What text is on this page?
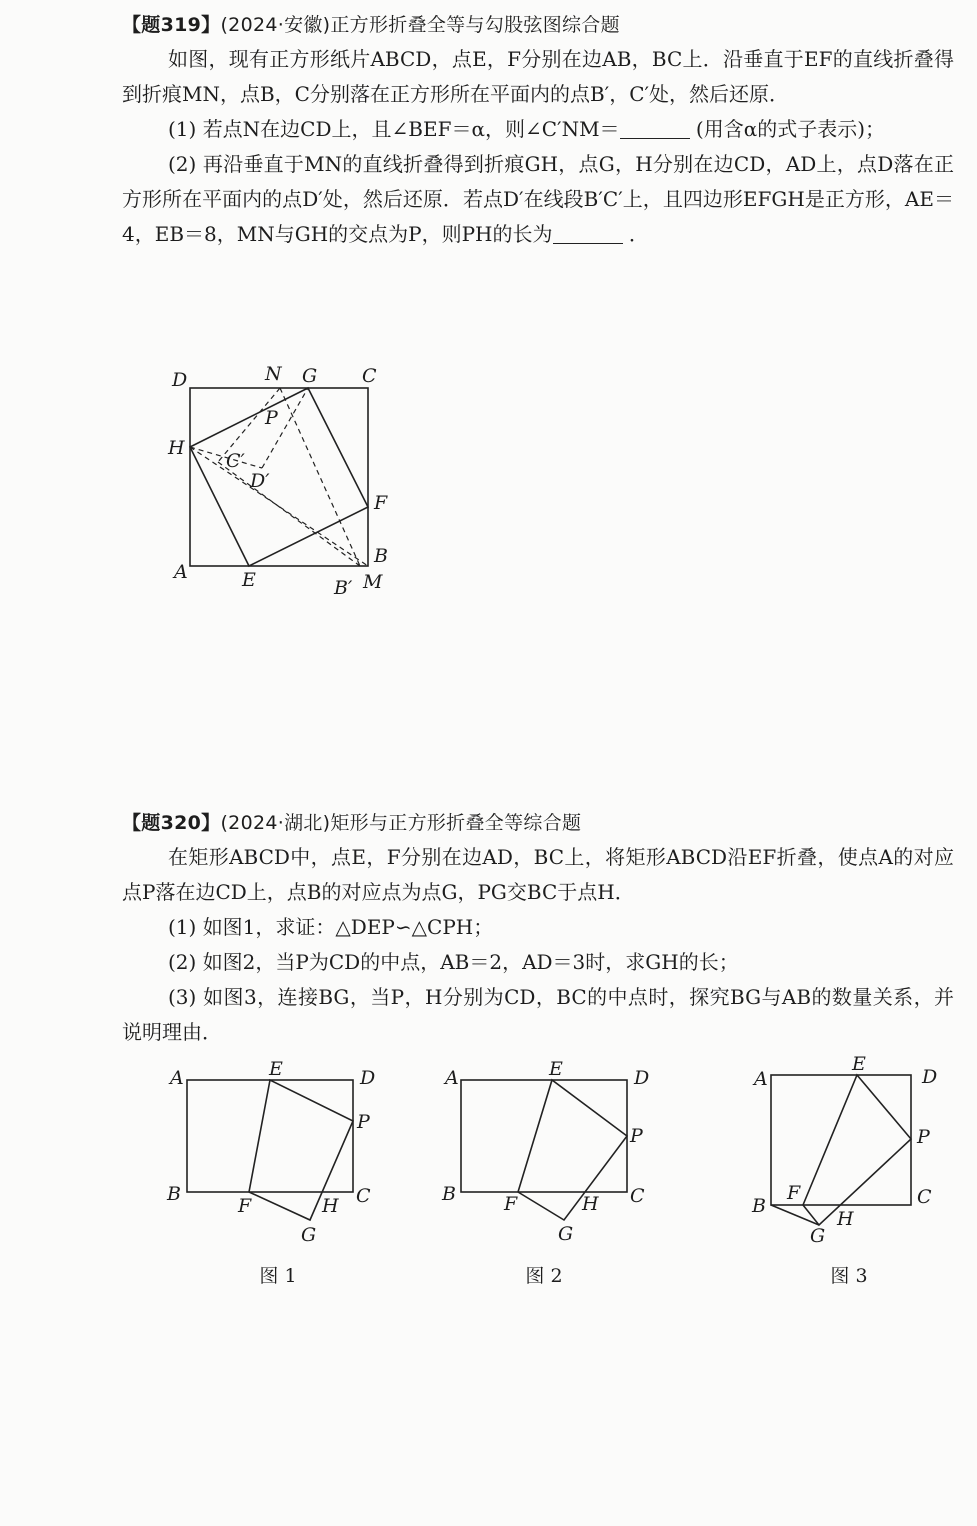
【题319】(2024·安徽)正方形折叠全等与勾股弦图综合题

如图，现有正方形纸片ABCD，点E，F分别在边AB，BC上．沿垂直于EF的直线折叠得到折痕MN，点B，C分别落在正方形所在平面内的点B′，C′处，然后还原．

(1) 若点N在边CD上，且∠BEF＝α，则∠C′NM＝	(用含α的式子表示)；

(2) 再沿垂直于MN的直线折叠得到折痕GH，点G，H分别在边CD，AD上，点D落在正方形所在平面内的点D′处，然后还原．若点D′在线段B′C′上，且四边形EFGH是正方形，AE＝4，EB＝8，MN与GH的交点为P，则PH的长为	．

D	N G C
P
H
C′
D′
F
B
A	E	B′ M
【题320】(2024·湖北)矩形与正方形折叠全等综合题

在矩形ABCD中，点E，F分别在边AD，BC上，将矩形ABCD沿EF折叠，使点A的对应点P落在边CD上，点B的对应点为点G，PG交BC于点H．

(1) 如图1，求证：△DEP∽△CPH；

(2) 如图2，当P为CD的中点，AB＝2，AD＝3时，求GH的长；

(3) 如图3，连接BG，当P，H分别为CD，BC的中点时，探究BG与AB的数量关系，并说明理由．

A	E	D
P
B
F	H C
G
图 1
A	E	D
P
B	F	H C
G
图 2
A
E
D
P
B
F
H
C
G
图 3
